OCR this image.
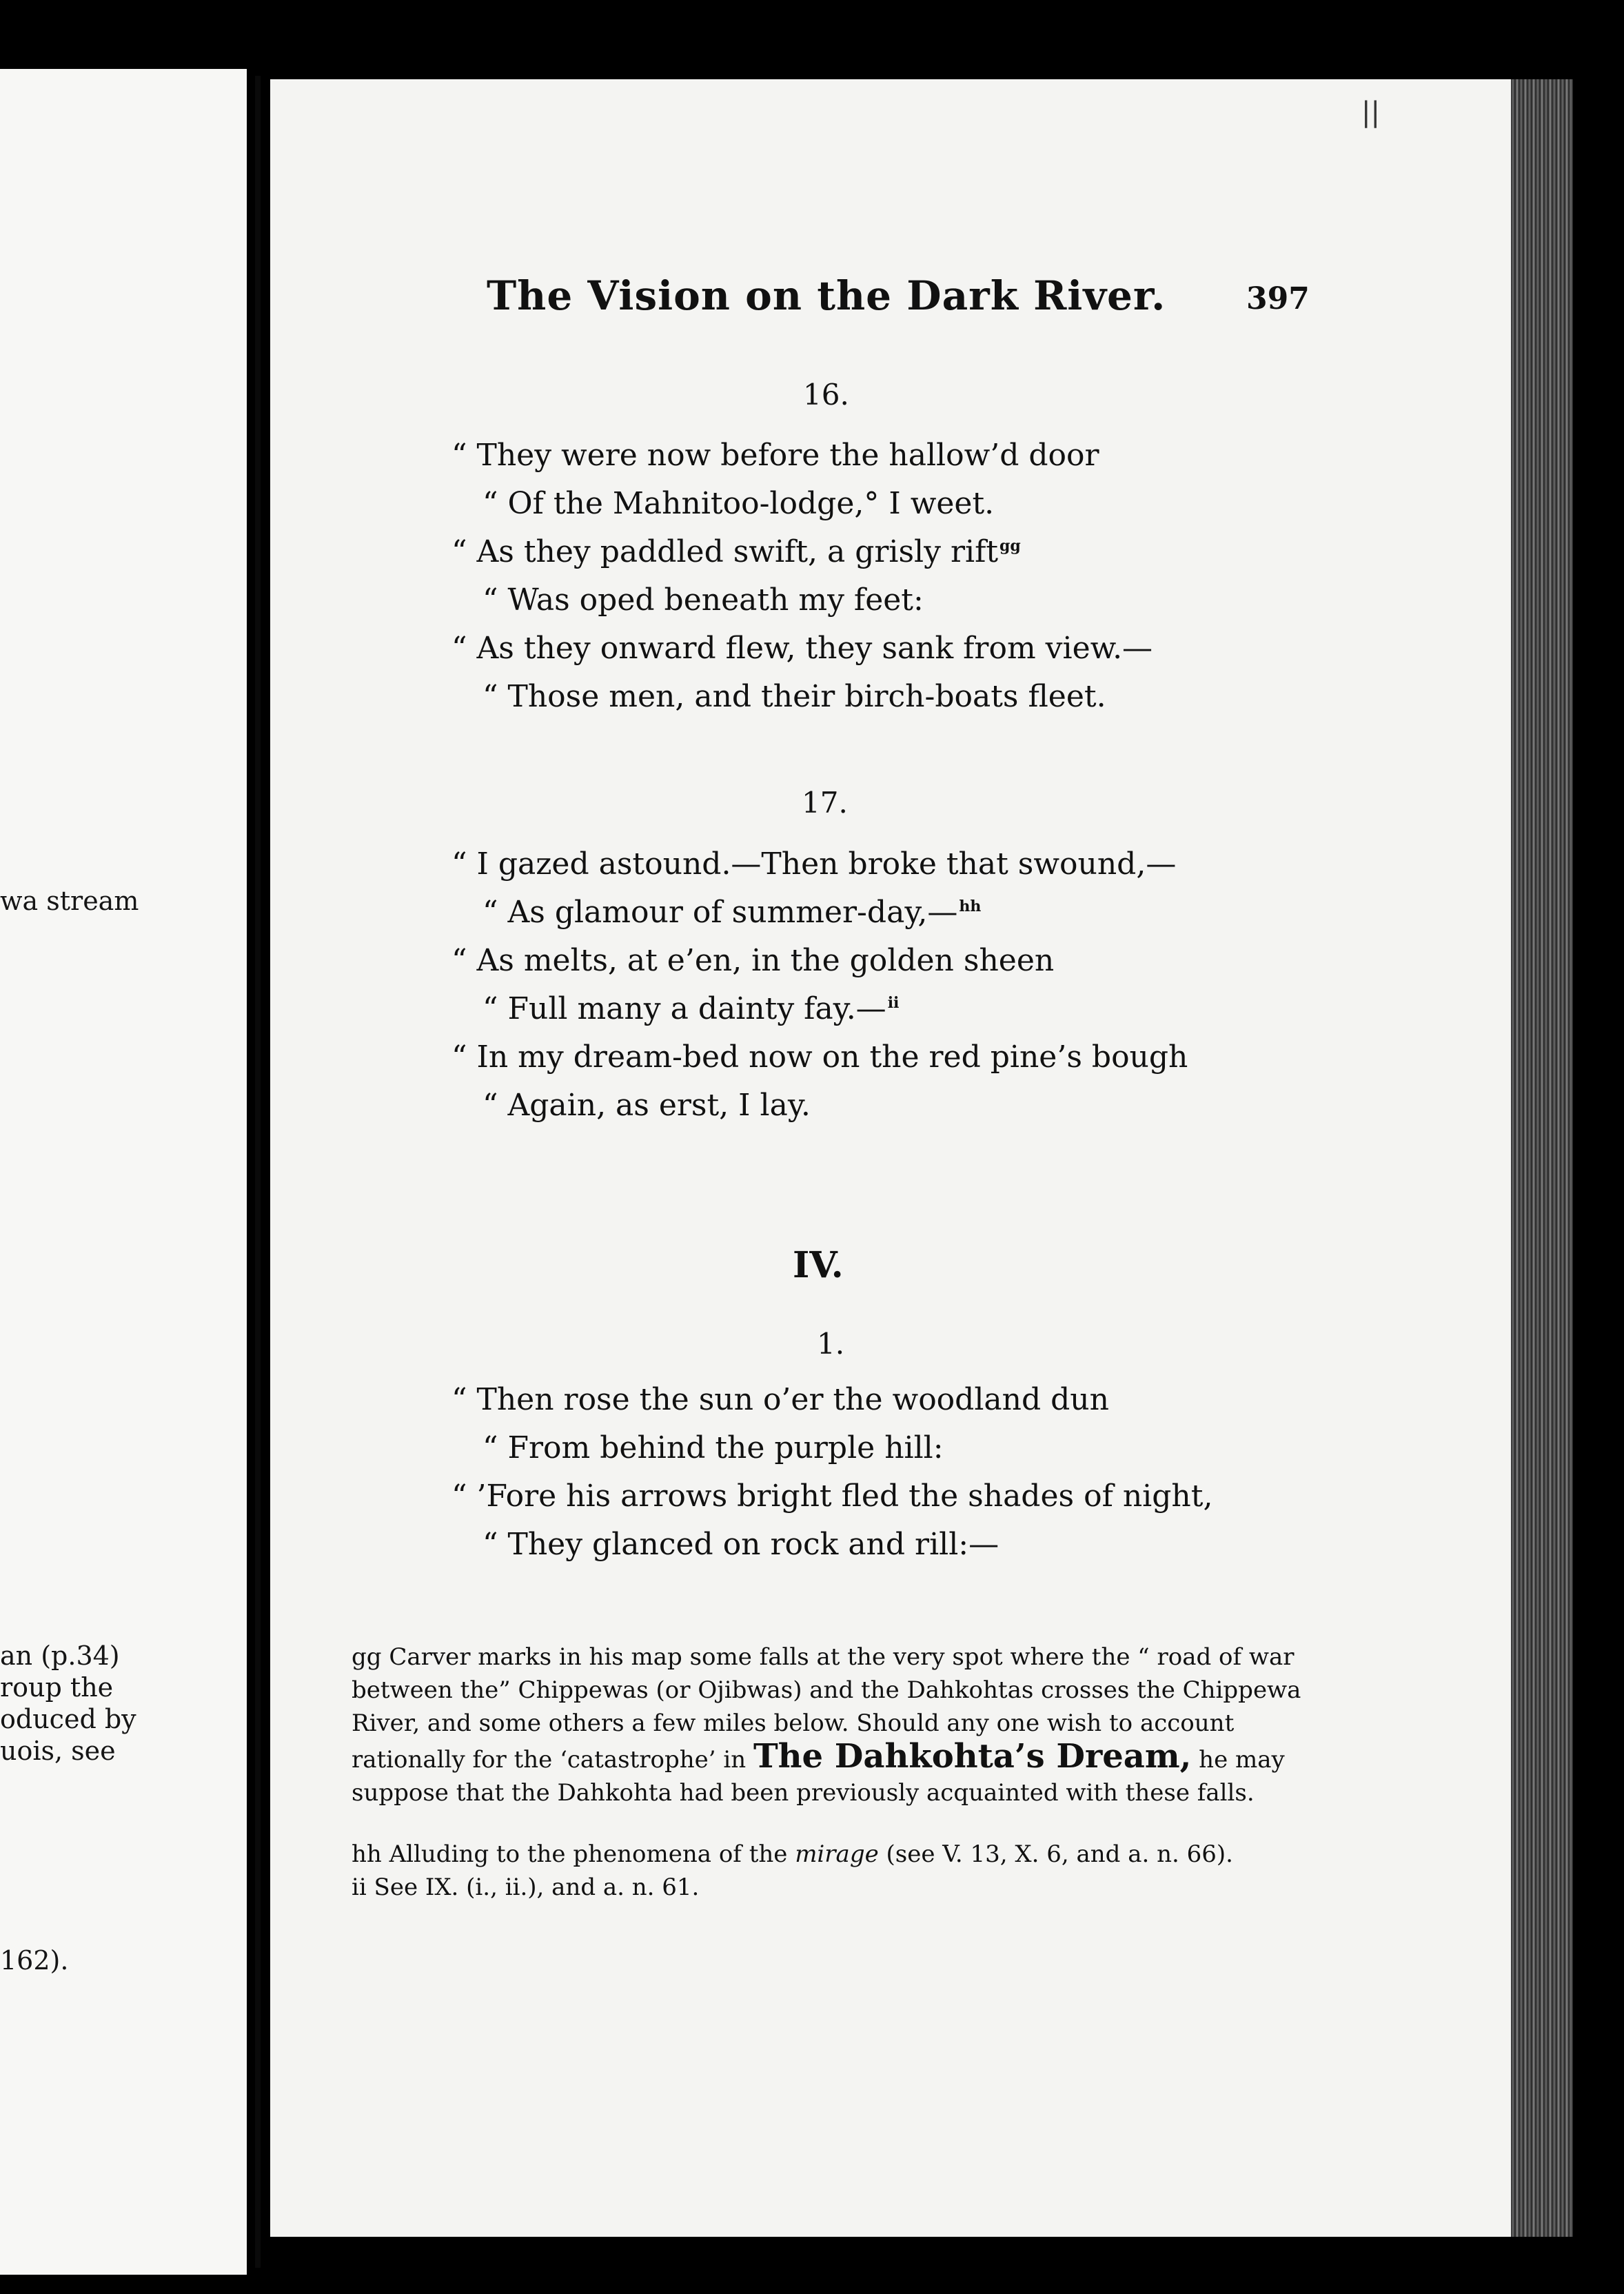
wa stream
an (p.34)
roup the
oduced by
uois, see
162).
||
The Vision on the Dark River.	397
16.
“ They were now before the hallow’d door
“ Of the Mahnitoo-lodge,° I weet.
“ As they paddled swift, a grisly rift$^{gg}$
“ Was oped beneath my feet:
“ As they onward flew, they sank from view.—
“ Those men, and their birch-boats fleet.
17.
“ I gazed astound.—Then broke that swound,—
“ As glamour of summer-day,—$^{hh}$
“ As melts, at e’en, in the golden sheen
“ Full many a dainty fay.—$^{ii}$
“ In my dream-bed now on the red pine’s bough
“ Again, as erst, I lay.
IV.
1.
“ Then rose the sun o’er the woodland dun
“ From behind the purple hill:
“ ’Fore his arrows bright fled the shades of night,
“ They glanced on rock and rill:—
gg Carver marks in his map some falls at the very spot where the “ road of war between the” Chippewas (or Ojibwas) and the Dahkohtas crosses the Chippewa River, and some others a few miles below. Should any one wish to account rationally for the ‘catastrophe’ in The Dahkohta’s Dream, he may suppose that the Dahkohta had been previously acquainted with these falls.
hh Alluding to the phenomena of the mirage (see V. 13, X. 6, and a. n. 66).
ii See IX. (i., ii.), and a. n. 61.
